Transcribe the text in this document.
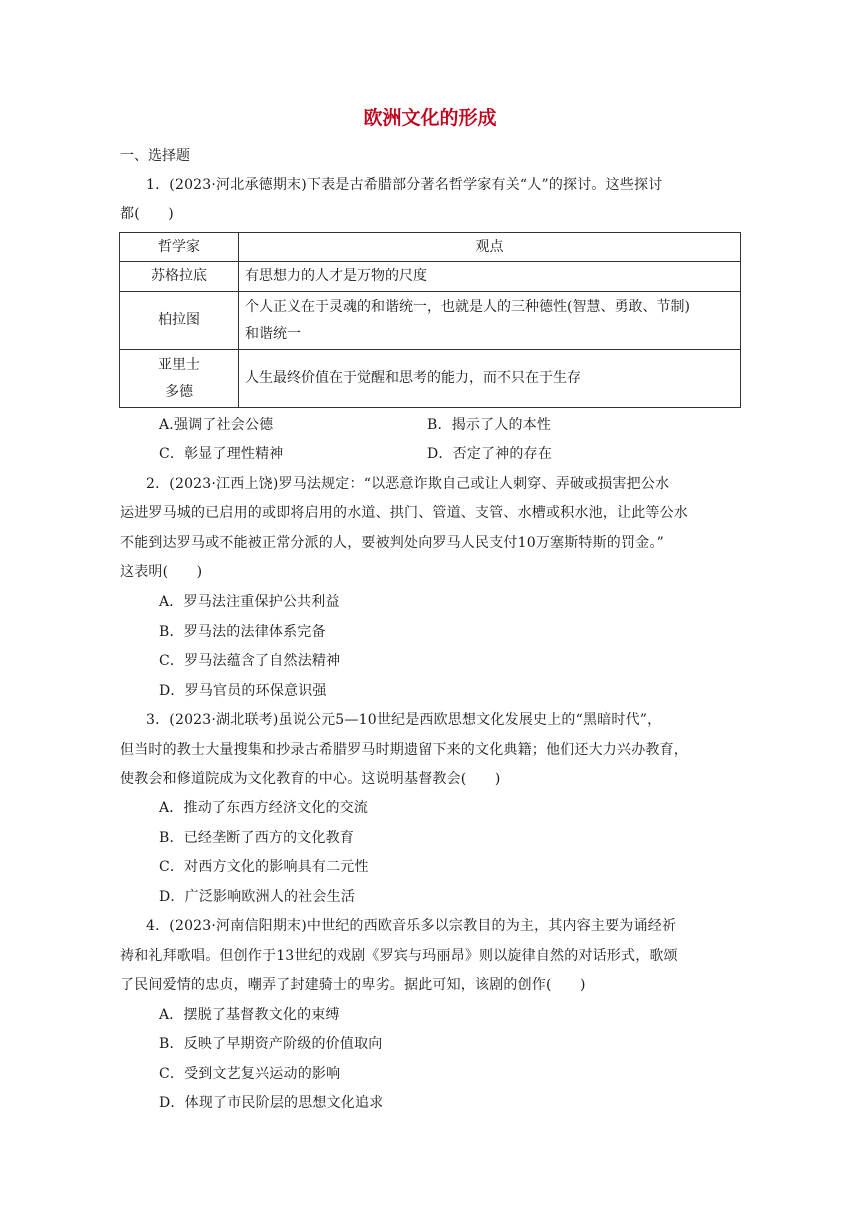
欧洲文化的形成
一、选择题
1．(2023·河北承德期末)下表是古希腊部分著名哲学家有关“人”的探讨。这些探讨
都(　　)
哲学家	观点
苏格拉底	有思想力的人才是万物的尺度
柏拉图	个人正义在于灵魂的和谐统一，也就是人的三种德性(智慧、勇敢、节制)
和谐统一
亚里士
多德	人生最终价值在于觉醒和思考的能力，而不只在于生存
A.强调了社会公德	B．揭示了人的本性
C．彰显了理性精神	D．否定了神的存在
2．(2023·江西上饶)罗马法规定：“以恶意诈欺自己或让人刺穿、弄破或损害把公水
运进罗马城的已启用的或即将启用的水道、拱门、管道、支管、水槽或积水池，让此等公水
不能到达罗马或不能被正常分派的人，要被判处向罗马人民支付10万塞斯特斯的罚金。”
这表明(　　)
A．罗马法注重保护公共利益
B．罗马法的法律体系完备
C．罗马法蕴含了自然法精神
D．罗马官员的环保意识强
3．(2023·湖北联考)虽说公元5—10世纪是西欧思想文化发展史上的“黑暗时代”，
但当时的教士大量搜集和抄录古希腊罗马时期遗留下来的文化典籍；他们还大力兴办教育，
使教会和修道院成为文化教育的中心。这说明基督教会(　　)
A．推动了东西方经济文化的交流
B．已经垄断了西方的文化教育
C．对西方文化的影响具有二元性
D．广泛影响欧洲人的社会生活
4．(2023·河南信阳期末)中世纪的西欧音乐多以宗教目的为主，其内容主要为诵经祈
祷和礼拜歌唱。但创作于13世纪的戏剧《罗宾与玛丽昂》则以旋律自然的对话形式，歌颂
了民间爱情的忠贞，嘲弄了封建骑士的卑劣。据此可知，该剧的创作(　　)
A．摆脱了基督教文化的束缚
B．反映了早期资产阶级的价值取向
C．受到文艺复兴运动的影响
D．体现了市民阶层的思想文化追求
